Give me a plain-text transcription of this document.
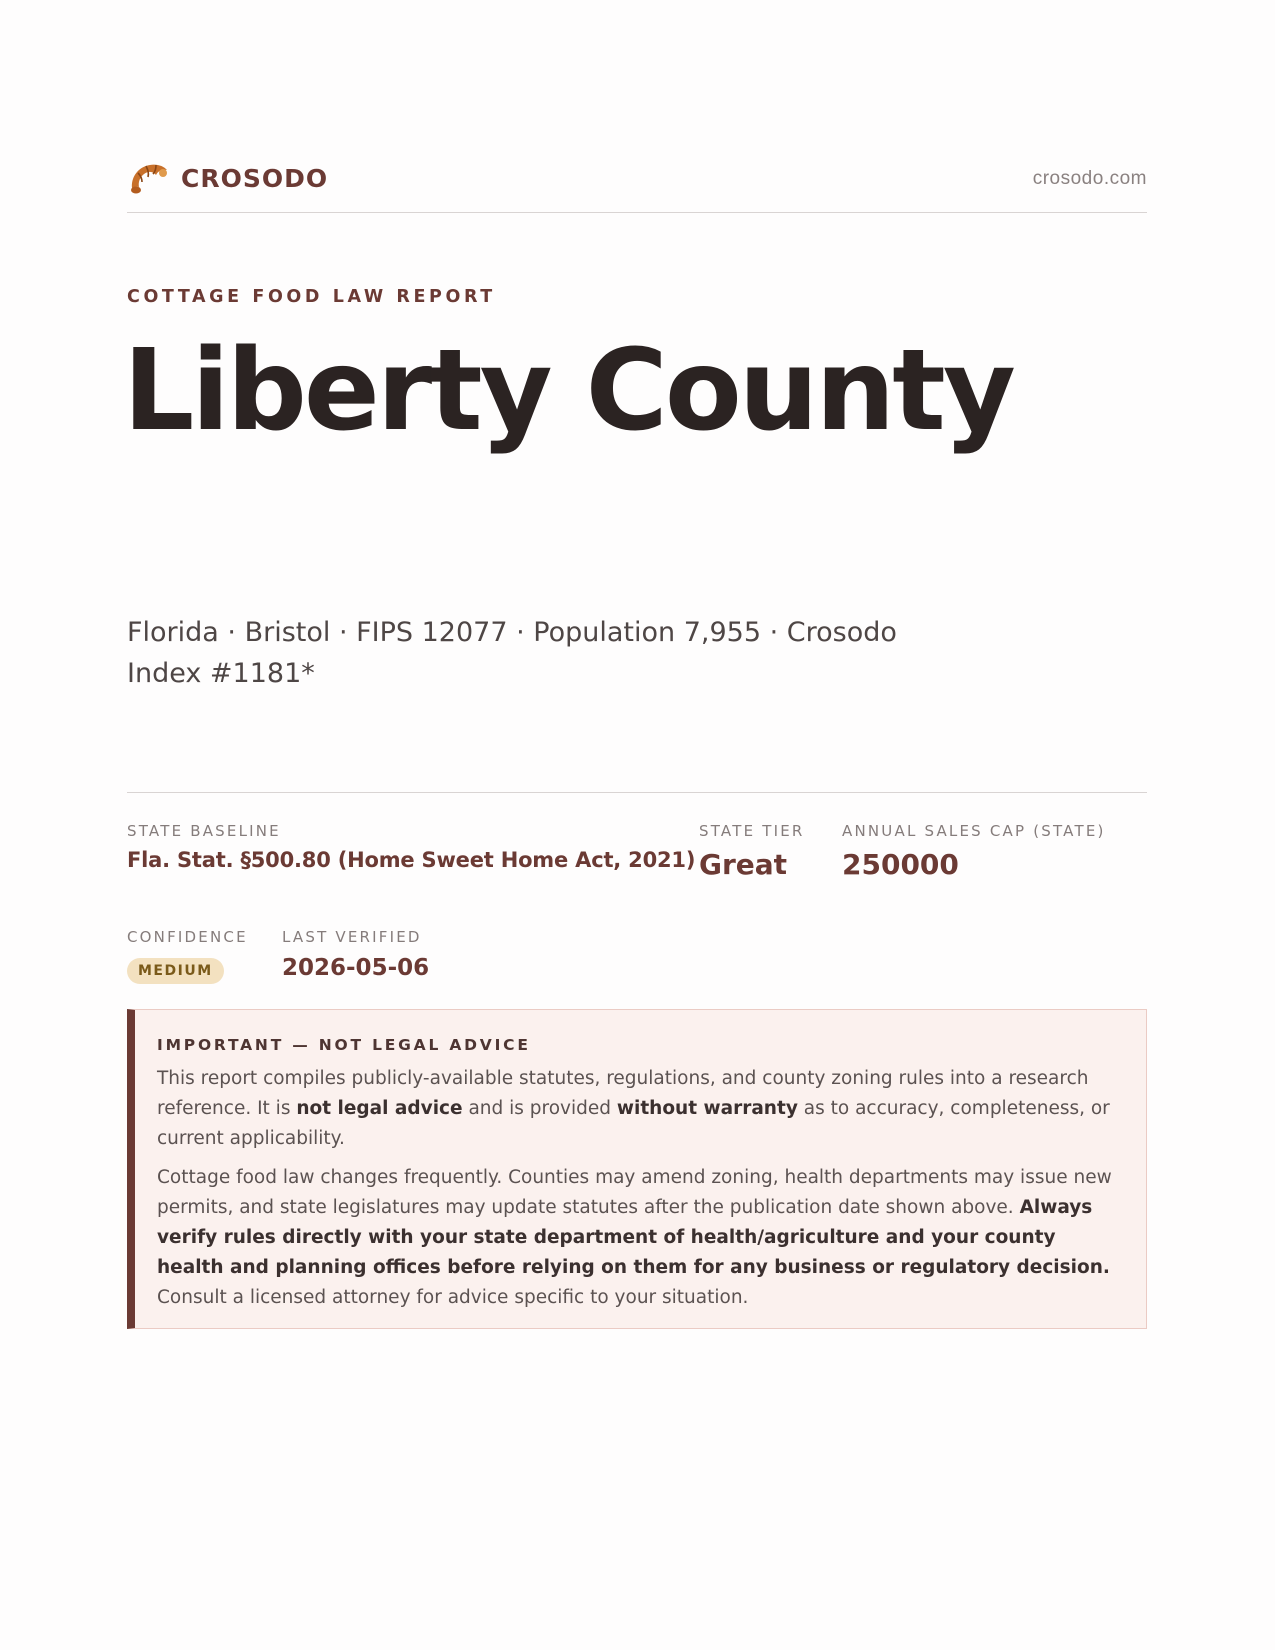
CROSODO	crosodo.com
COTTAGE FOOD LAW REPORT
Liberty County
Florida · Bristol · FIPS 12077 · Population 7,955 · Crosodo Index #1181*
STATE BASELINE
Fla. Stat. §500.80 (Home Sweet Home Act, 2021)
STATE TIER
Great
ANNUAL SALES CAP (STATE)
250000
CONFIDENCE
MEDIUM
LAST VERIFIED
2026-05-06
IMPORTANT — NOT LEGAL ADVICE

This report compiles publicly-available statutes, regulations, and county zoning rules into a research reference. It is not legal advice and is provided without warranty as to accuracy, completeness, or current applicability.

Cottage food law changes frequently. Counties may amend zoning, health departments may issue new permits, and state legislatures may update statutes after the publication date shown above. Always verify rules directly with your state department of health/agriculture and your county health and planning offices before relying on them for any business or regulatory decision. Consult a licensed attorney for advice specific to your situation.
